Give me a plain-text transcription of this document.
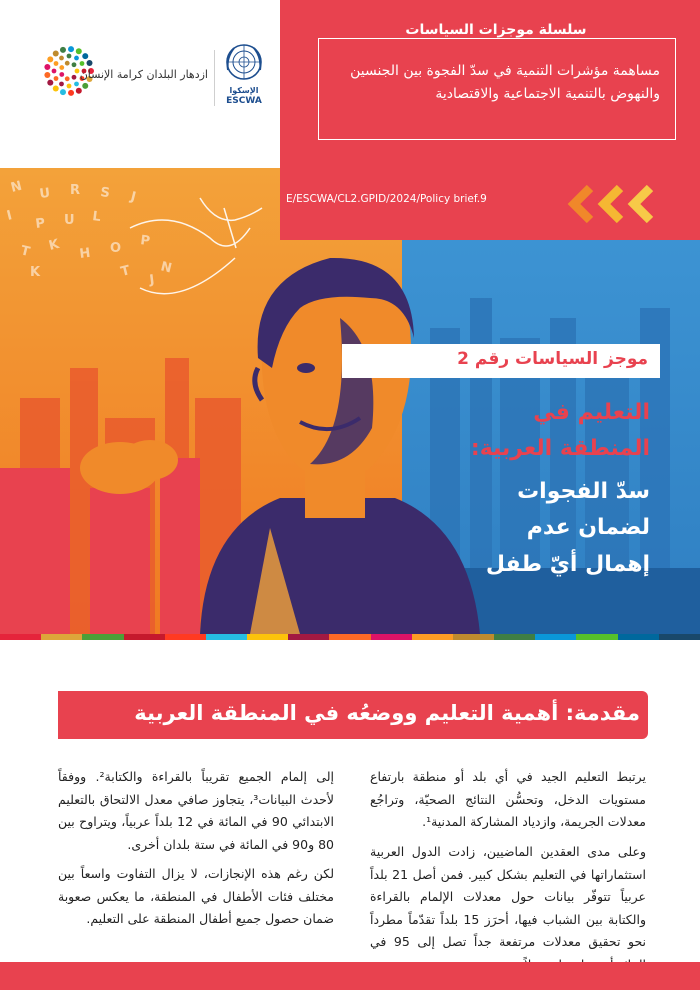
ازدهار البلدان كرامة الإنسان
الإسكوا
ESCWA
سلسلة موجزات السياسات
مساهمة مؤشرات التنمية في سدّ الفجوة بين الجنسين والنهوض بالتنمية الاجتماعية والاقتصادية
N U R S J
I P U L
T K H O P
N
T
J
K
E/ESCWA/CL2.GPID/2024/Policy brief.9
موجز السياسات رقم 2
التعليم في
المنطقة العربية:
سدّ الفجوات
لضمان عدم
إهمال أيّ طفل
مقدمة: أهمية التعليم ووضعُه في المنطقة العربية
يرتبط التعليم الجيد في أي بلد أو منطقة بارتفاع مستويات الدخل، وتحسُّن النتائج الصحيّة، وتراجُع معدلات الجريمة، وازدياد المشاركة المدنية¹.
وعلى مدى العقدين الماضيين، زادت الدول العربية استثماراتها في التعليم بشكل كبير. فمن أصل 21 بلداً عربياً تتوفّر بيانات حول معدلات الإلمام بالقراءة والكتابة بين الشباب فيها، أحرَز 15 بلداً تقدّماً مطرداً نحو تحقيق معدلات مرتفعة جداً تصل إلى 95 في
إلى إلمام الجميع تقريباً بالقراءة والكتابة². ووفقاً لأحدث البيانات³، يتجاوز صافي معدل الالتحاق بالتعليم الابتدائي 90 في المائة في 12 بلداً عربياً، ويتراوح بين 80 و90 في المائة في ستة بلدان أخرى.
لكن رغم هذه الإنجازات، لا يزال التفاوت واسعاً بين مختلف فئات الأطفال في المنطقة، ما يعكس صعوبة ضمان حصول جميع أطفال المنطقة على التعليم.
